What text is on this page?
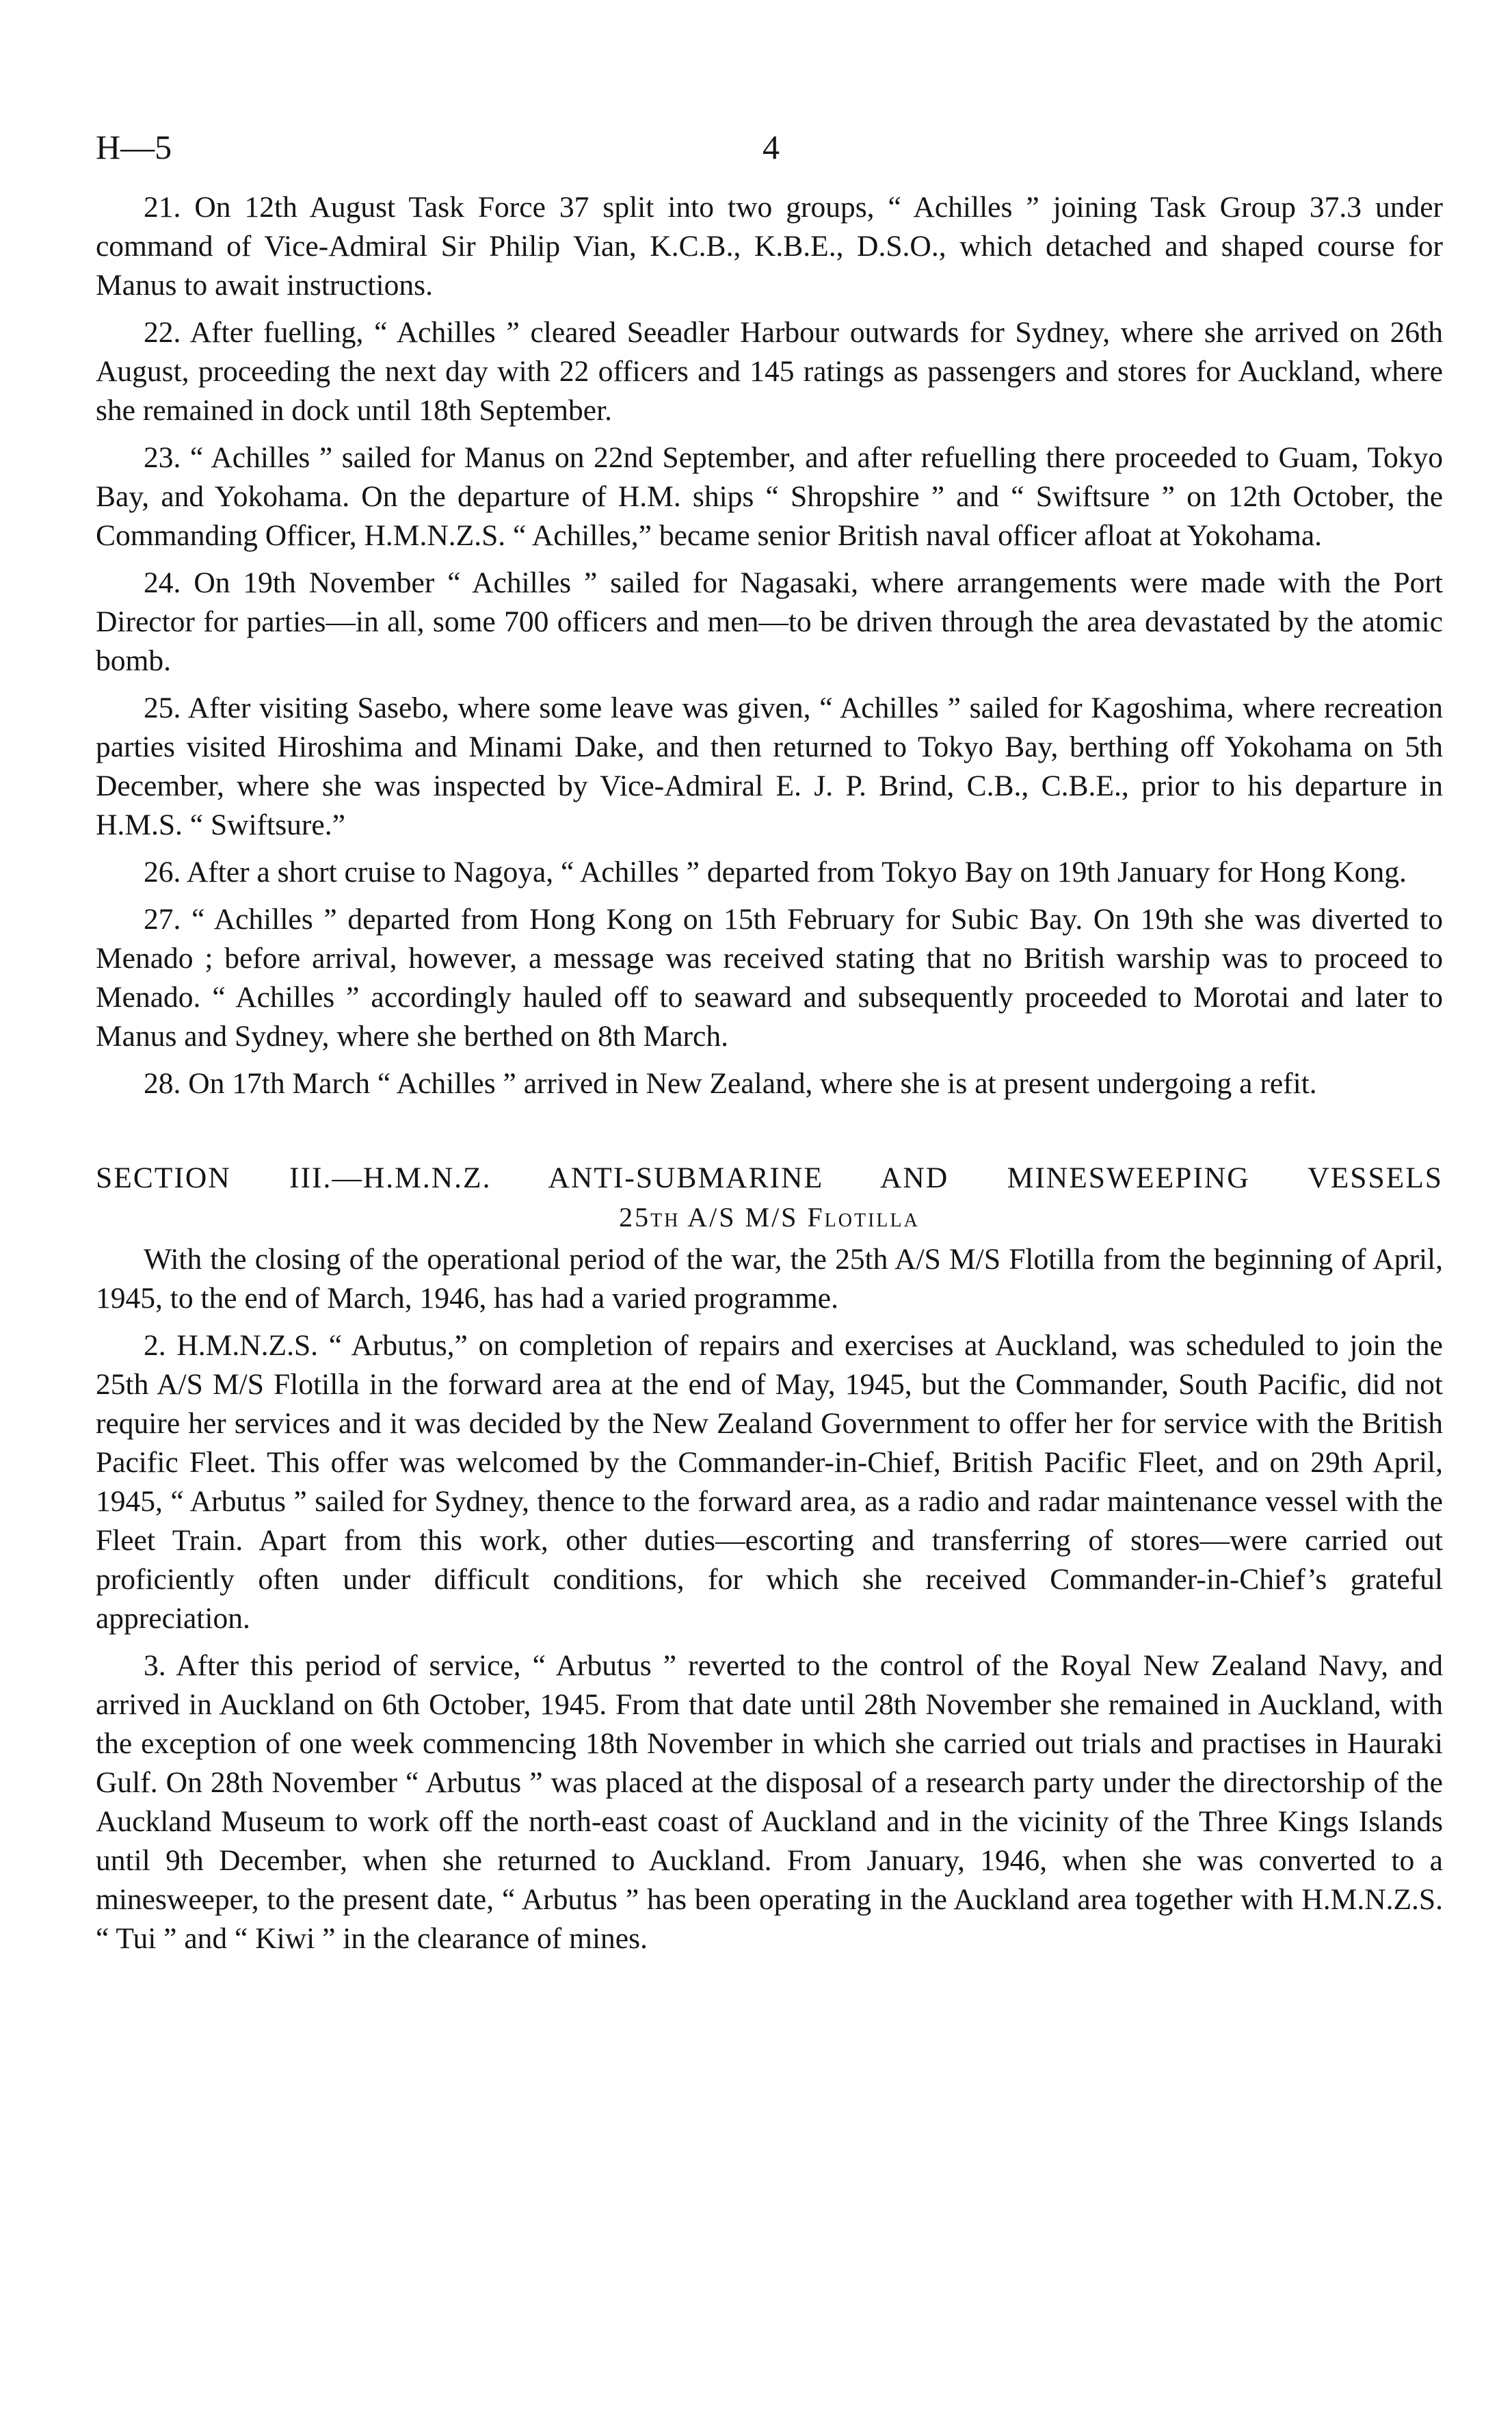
H—5	4

21. On 12th August Task Force 37 split into two groups, “ Achilles ” joining Task Group 37.3 under command of Vice-Admiral Sir Philip Vian, K.C.B., K.B.E., D.S.O., which detached and shaped course for Manus to await instructions.

22. After fuelling, “ Achilles ” cleared Seeadler Harbour outwards for Sydney, where she arrived on 26th August, proceeding the next day with 22 officers and 145 ratings as passengers and stores for Auckland, where she remained in dock until 18th September.

23. “ Achilles ” sailed for Manus on 22nd September, and after refuelling there proceeded to Guam, Tokyo Bay, and Yokohama. On the departure of H.M. ships “ Shropshire ” and “ Swiftsure ” on 12th October, the Commanding Officer, H.M.N.Z.S. “ Achilles,” became senior British naval officer afloat at Yokohama.

24. On 19th November “ Achilles ” sailed for Nagasaki, where arrangements were made with the Port Director for parties—in all, some 700 officers and men—to be driven through the area devastated by the atomic bomb.

25. After visiting Sasebo, where some leave was given, “ Achilles ” sailed for Kagoshima, where recreation parties visited Hiroshima and Minami Dake, and then returned to Tokyo Bay, berthing off Yokohama on 5th December, where she was inspected by Vice-Admiral E. J. P. Brind, C.B., C.B.E., prior to his departure in H.M.S. “ Swiftsure.”

26. After a short cruise to Nagoya, “ Achilles ” departed from Tokyo Bay on 19th January for Hong Kong.

27. “ Achilles ” departed from Hong Kong on 15th February for Subic Bay. On 19th she was diverted to Menado ; before arrival, however, a message was received stating that no British warship was to proceed to Menado. “ Achilles ” accordingly hauled off to seaward and subsequently proceeded to Morotai and later to Manus and Sydney, where she berthed on 8th March.

28. On 17th March “ Achilles ” arrived in New Zealand, where she is at present undergoing a refit.

SECTION III.—H.M.N.Z. ANTI-SUBMARINE AND MINESWEEPING VESSELS
25th A/S M/S Flotilla

With the closing of the operational period of the war, the 25th A/S M/S Flotilla from the beginning of April, 1945, to the end of March, 1946, has had a varied programme.

2. H.M.N.Z.S. “ Arbutus,” on completion of repairs and exercises at Auckland, was scheduled to join the 25th A/S M/S Flotilla in the forward area at the end of May, 1945, but the Commander, South Pacific, did not require her services and it was decided by the New Zealand Government to offer her for service with the British Pacific Fleet. This offer was welcomed by the Commander-in-Chief, British Pacific Fleet, and on 29th April, 1945, “ Arbutus ” sailed for Sydney, thence to the forward area, as a radio and radar maintenance vessel with the Fleet Train. Apart from this work, other duties—escorting and transferring of stores—were carried out proficiently often under difficult conditions, for which she received Commander-in-Chief’s grateful appreciation.

3. After this period of service, “ Arbutus ” reverted to the control of the Royal New Zealand Navy, and arrived in Auckland on 6th October, 1945. From that date until 28th November she remained in Auckland, with the exception of one week commencing 18th November in which she carried out trials and practises in Hauraki Gulf. On 28th November “ Arbutus ” was placed at the disposal of a research party under the directorship of the Auckland Museum to work off the north-east coast of Auckland and in the vicinity of the Three Kings Islands until 9th December, when she returned to Auckland. From January, 1946, when she was converted to a minesweeper, to the present date, “ Arbutus ” has been operating in the Auckland area together with H.M.N.Z.S. “ Tui ” and “ Kiwi ” in the clearance of mines.
